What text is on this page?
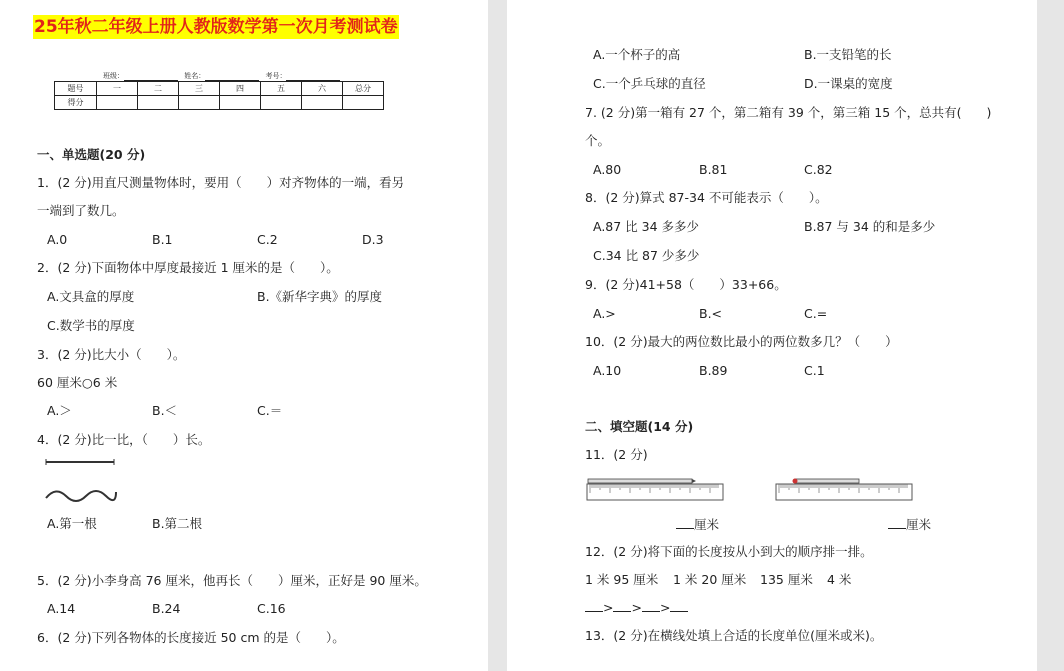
25年秋二年级上册人教版数学第一次月考测试卷
班级：	姓名：	考号：
题号	一	二	三	四	五	六	总分
得分							
一、单选题(20 分)
1．(2 分)用直尺测量物体时，要用（　　）对齐物体的一端，看另
一端到了数几。
A.0	B.1	C.2	D.3
2．(2 分)下面物体中厚度最接近 1 厘米的是（　　）。
A.文具盒的厚度	B.《新华字典》的厚度
C.数学书的厚度
3．(2 分)比大小（　　）。
60 厘米○6 米
A.＞	B.＜	C.＝
4．(2 分)比一比，（　　）长。
A.第一根	B.第二根
5．(2 分)小李身高 76 厘米，他再长（　　）厘米，正好是 90 厘米。
A.14	B.24	C.16
6．(2 分)下列各物体的长度接近 50 cm 的是（　　）。
A.一个杯子的高	B.一支铅笔的长
C.一个乒乓球的直径	D.一课桌的宽度
7. (2 分)第一箱有 27 个，第二箱有 39 个，第三箱 15 个，总共有(　　)
个。
A.80	B.81	C.82
8．(2 分)算式 87-34 不可能表示（　　）。
A.87 比 34 多多少	B.87 与 34 的和是多少
C.34 比 87 少多少
9．(2 分)41+58（　　）33+66。
A.>	B.<	C.=
10．(2 分)最大的两位数比最小的两位数多几？（　　）
A.10	B.89	C.1
二、填空题(14 分)
11．(2 分)
厘米	厘米
12．(2 分)将下面的长度按从小到大的顺序排一排。
1 米 95 厘米 1 米 20 厘米 135 厘米 4 米
> > >
13．(2 分)在横线处填上合适的长度单位(厘米或米)。
